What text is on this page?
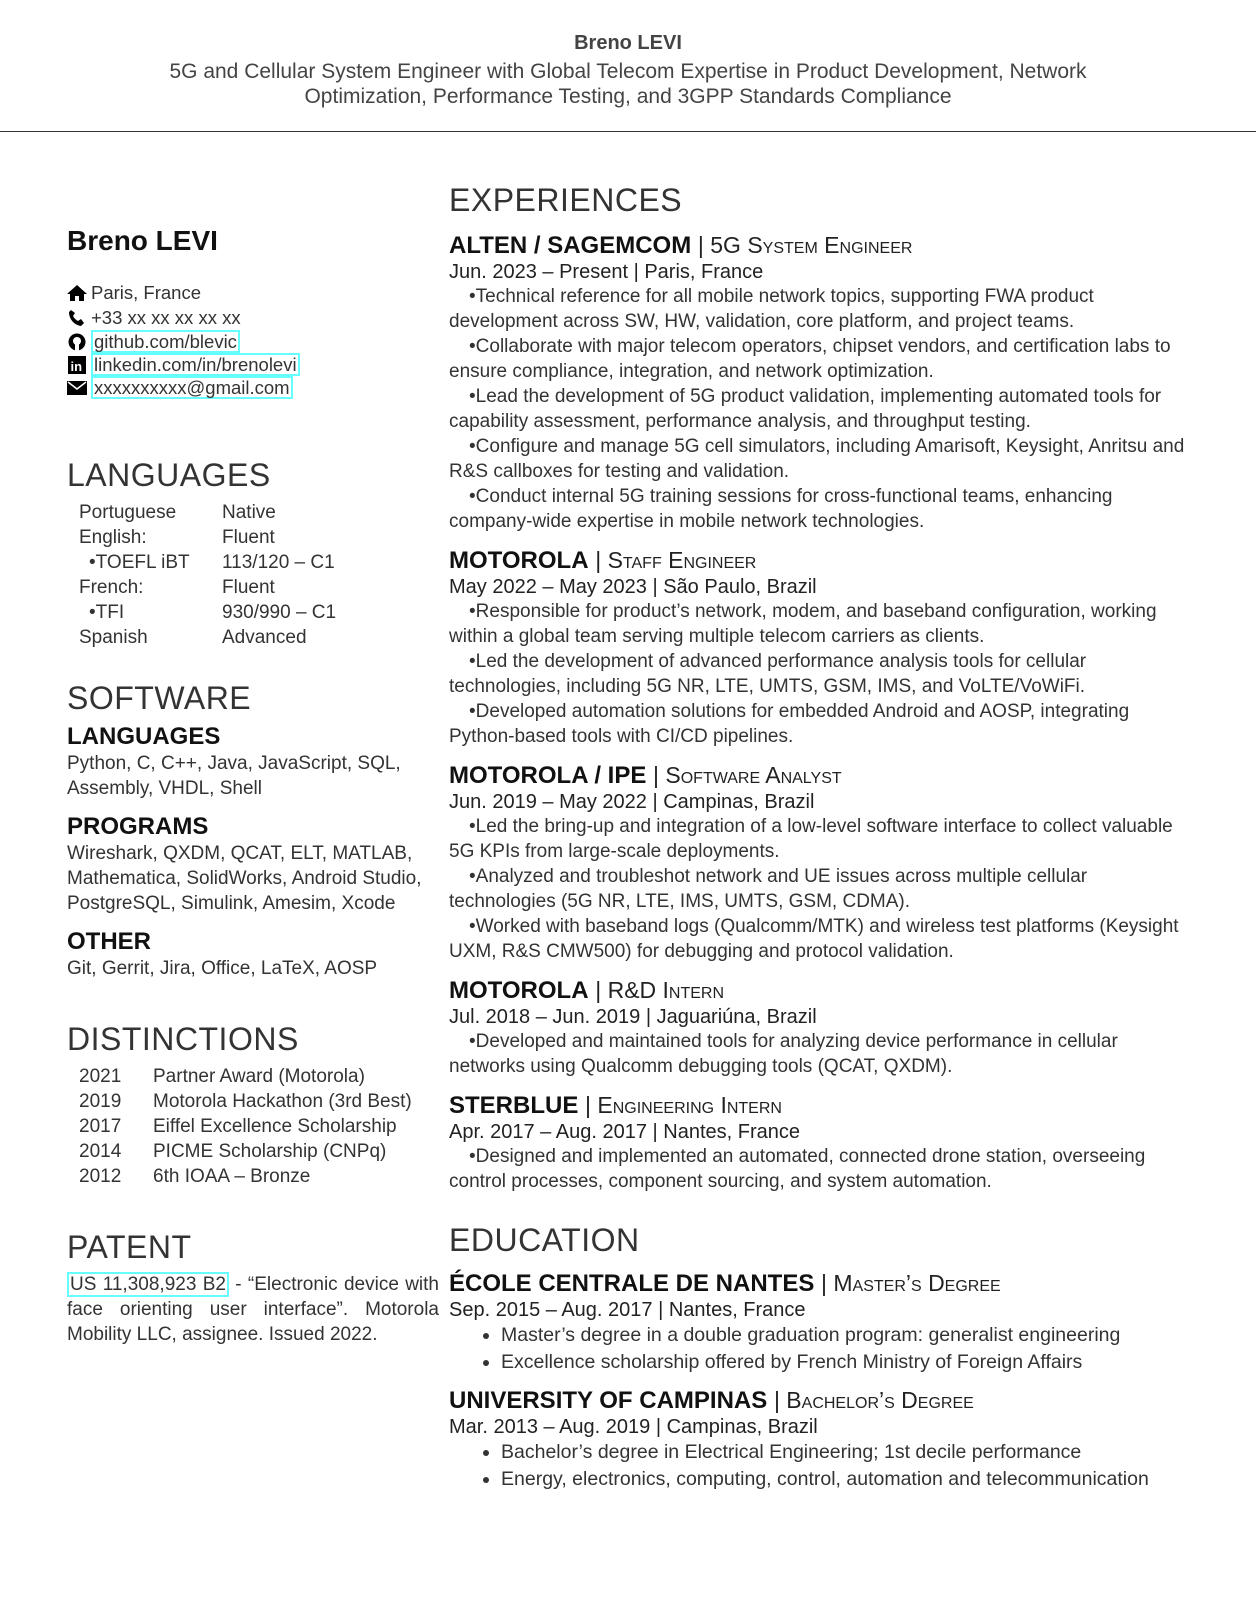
Breno LEVI
5G and Cellular System Engineer with Global Telecom Expertise in Product Development, Network Optimization, Performance Testing, and 3GPP Standards Compliance
Breno LEVI
Paris, France
+33 xx xx xx xx xx
github.com/blevic
in linkedin.com/in/brenolevi
xxxxxxxxxx@gmail.com
LANGUAGES
Portuguese	Native
English:	Fluent
•TOEFL iBT	113/120 – C1
French:	Fluent
•TFI	930/990 – C1
Spanish	Advanced
SOFTWARE
LANGUAGES
Python, C, C++, Java, JavaScript, SQL, Assembly, VHDL, Shell
PROGRAMS
Wireshark, QXDM, QCAT, ELT, MATLAB, Mathematica, SolidWorks, Android Studio, PostgreSQL, Simulink, Amesim, Xcode
OTHER
Git, Gerrit, Jira, Office, LaTeX, AOSP
DISTINCTIONS
2021	Partner Award (Motorola)
2019	Motorola Hackathon (3rd Best)
2017	Eiffel Excellence Scholarship
2014	PICME Scholarship (CNPq)
2012	6th IOAA – Bronze
PATENT
US 11,308,923 B2 - “Electronic device with face orienting user interface”. Motorola Mobility LLC, assignee. Issued 2022.
EXPERIENCES
ALTEN / SAGEMCOM | 5G System Engineer
Jun. 2023 – Present | Paris, France
•Technical reference for all mobile network topics, supporting FWA product development across SW, HW, validation, core platform, and project teams.
•Collaborate with major telecom operators, chipset vendors, and certification labs to ensure compliance, integration, and network optimization.
•Lead the development of 5G product validation, implementing automated tools for capability assessment, performance analysis, and throughput testing.
•Configure and manage 5G cell simulators, including Amarisoft, Keysight, Anritsu and R&S callboxes for testing and validation.
•Conduct internal 5G training sessions for cross-functional teams, enhancing company-wide expertise in mobile network technologies.
MOTOROLA | Staff Engineer
May 2022 – May 2023 | São Paulo, Brazil
•Responsible for product’s network, modem, and baseband configuration, working within a global team serving multiple telecom carriers as clients.
•Led the development of advanced performance analysis tools for cellular technologies, including 5G NR, LTE, UMTS, GSM, IMS, and VoLTE/VoWiFi.
•Developed automation solutions for embedded Android and AOSP, integrating Python-based tools with CI/CD pipelines.
MOTOROLA / IPE | Software Analyst
Jun. 2019 – May 2022 | Campinas, Brazil
•Led the bring-up and integration of a low-level software interface to collect valuable 5G KPIs from large-scale deployments.
•Analyzed and troubleshot network and UE issues across multiple cellular technologies (5G NR, LTE, IMS, UMTS, GSM, CDMA).
•Worked with baseband logs (Qualcomm/MTK) and wireless test platforms (Keysight UXM, R&S CMW500) for debugging and protocol validation.
MOTOROLA | R&D Intern
Jul. 2018 – Jun. 2019 | Jaguariúna, Brazil
•Developed and maintained tools for analyzing device performance in cellular networks using Qualcomm debugging tools (QCAT, QXDM).
STERBLUE | Engineering Intern
Apr. 2017 – Aug. 2017 | Nantes, France
•Designed and implemented an automated, connected drone station, overseeing control processes, component sourcing, and system automation.
EDUCATION
ÉCOLE CENTRALE DE NANTES | Master’s Degree
Sep. 2015 – Aug. 2017 | Nantes, France
• Master’s degree in a double graduation program: generalist engineering
• Excellence scholarship offered by French Ministry of Foreign Affairs
UNIVERSITY OF CAMPINAS | Bachelor’s Degree
Mar. 2013 – Aug. 2019 | Campinas, Brazil
• Bachelor’s degree in Electrical Engineering; 1st decile performance
• Energy, electronics, computing, control, automation and telecommunication
